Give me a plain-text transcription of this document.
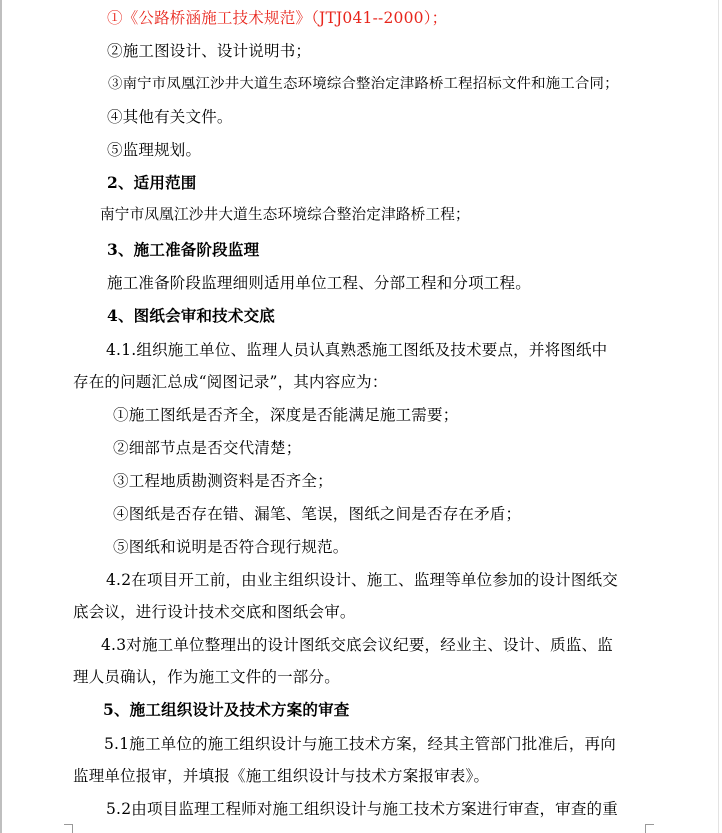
①《公路桥涵施工技术规范》（JTJ041--2000）；
②施工图设计、设计说明书；
③南宁市凤凰江沙井大道生态环境综合整治定津路桥工程招标文件和施工合同；
④其他有关文件。
⑤监理规划。
2、适用范围
南宁市凤凰江沙井大道生态环境综合整治定津路桥工程；
3、施工准备阶段监理
施工准备阶段监理细则适用单位工程、分部工程和分项工程。
4、图纸会审和技术交底
4.1.组织施工单位、监理人员认真熟悉施工图纸及技术要点，并将图纸中
存在的问题汇总成“阅图记录”，其内容应为：
①施工图纸是否齐全，深度是否能满足施工需要；
②细部节点是否交代清楚；
③工程地质勘测资料是否齐全；
④图纸是否存在错、漏笔、笔误，图纸之间是否存在矛盾；
⑤图纸和说明是否符合现行规范。
4.2在项目开工前，由业主组织设计、施工、监理等单位参加的设计图纸交
底会议，进行设计技术交底和图纸会审。
4.3对施工单位整理出的设计图纸交底会议纪要，经业主、设计、质监、监
理人员确认，作为施工文件的一部分。
5、施工组织设计及技术方案的审查
5.1施工单位的施工组织设计与施工技术方案，经其主管部门批准后，再向
监理单位报审，并填报《施工组织设计与技术方案报审表》。
5.2由项目监理工程师对施工组织设计与施工技术方案进行审查，审查的重
